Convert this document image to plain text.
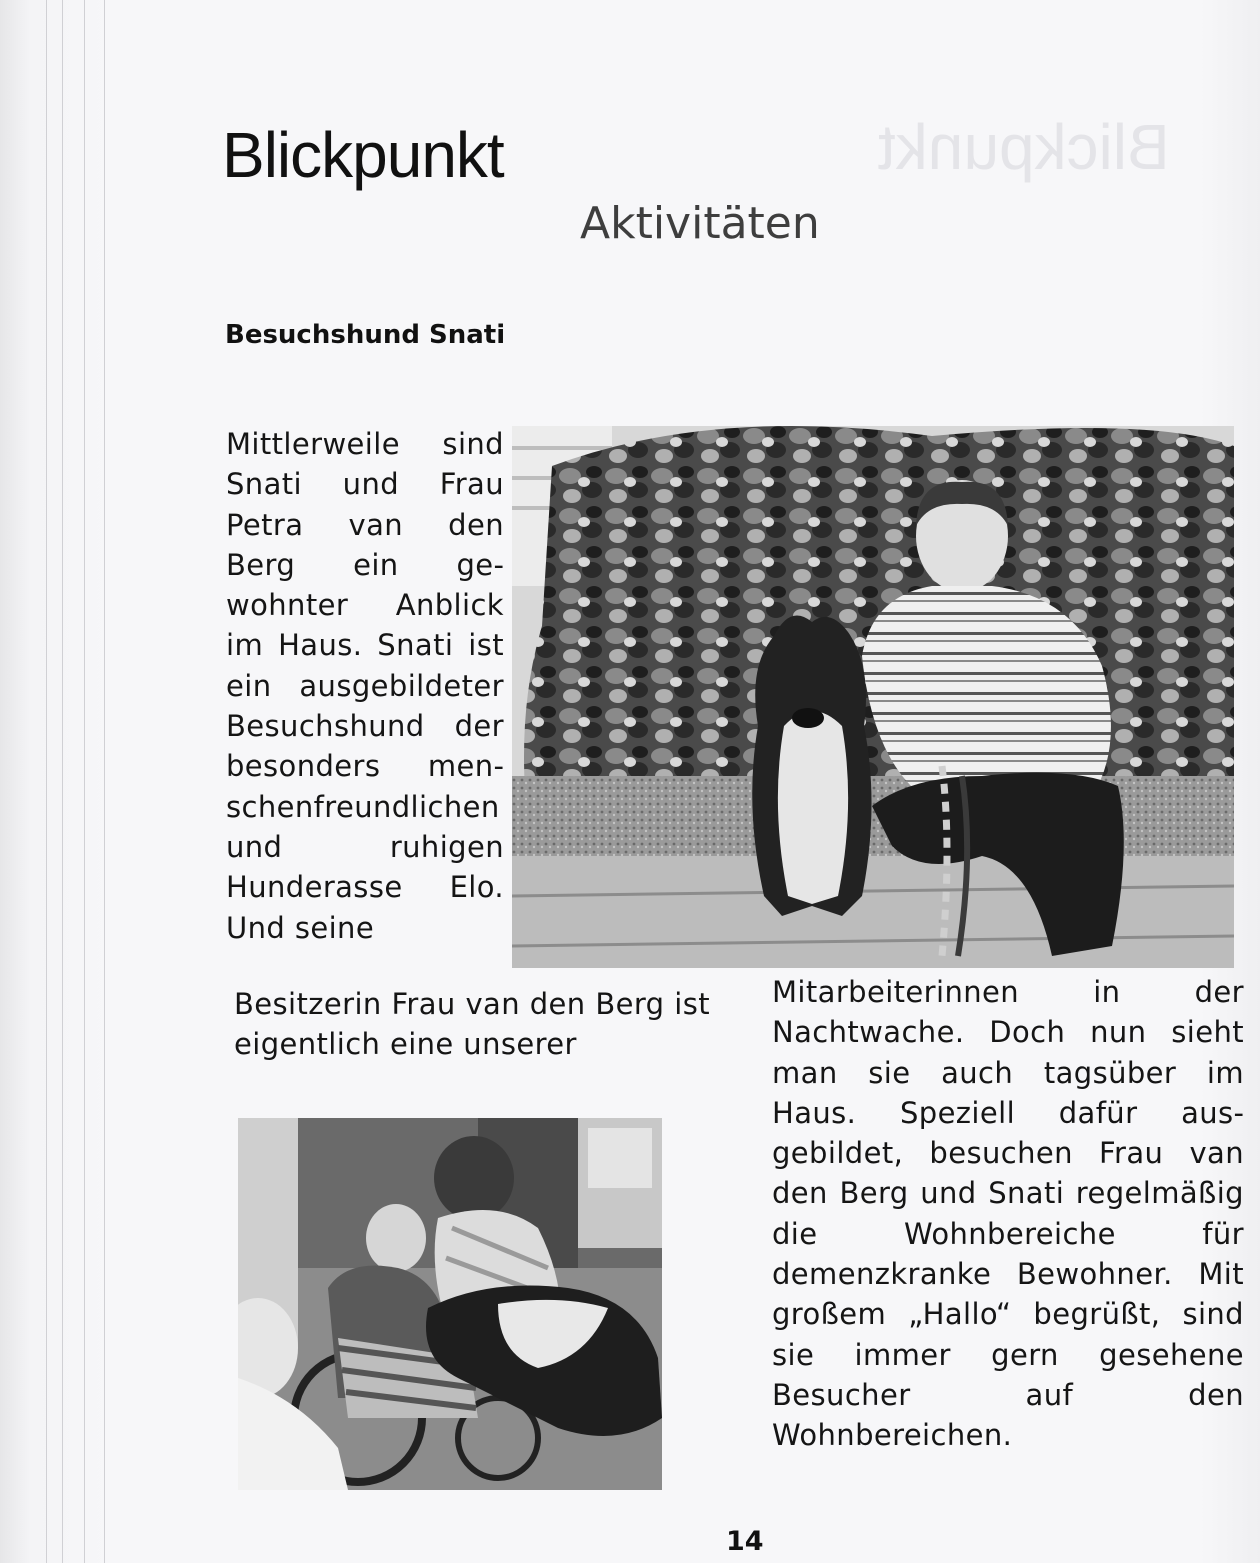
Blickpunkt
Blickpunkt
Aktivitäten
Besuchshund Snati

Mittlerweile sind Snati und Frau Petra van den Berg ein gewohnter Anblick im Haus. Snati ist ein ausgebildeter Besuchshund der besonders menschenfreundlichen und ruhigen Hunderasse Elo. Und seine

Besitzerin Frau van den Berg ist eigentlich eine unserer

Mitarbeiterinnen in der Nachtwache. Doch nun sieht man sie auch tagsüber im Haus. Speziell dafür ausgebildet, besuchen Frau van den Berg und Snati regelmäßig die Wohnbereiche für demenzkranke Bewohner. Mit großem „Hallo“ begrüßt, sind sie immer gern gesehene Besucher auf den Wohnbereichen.

14
